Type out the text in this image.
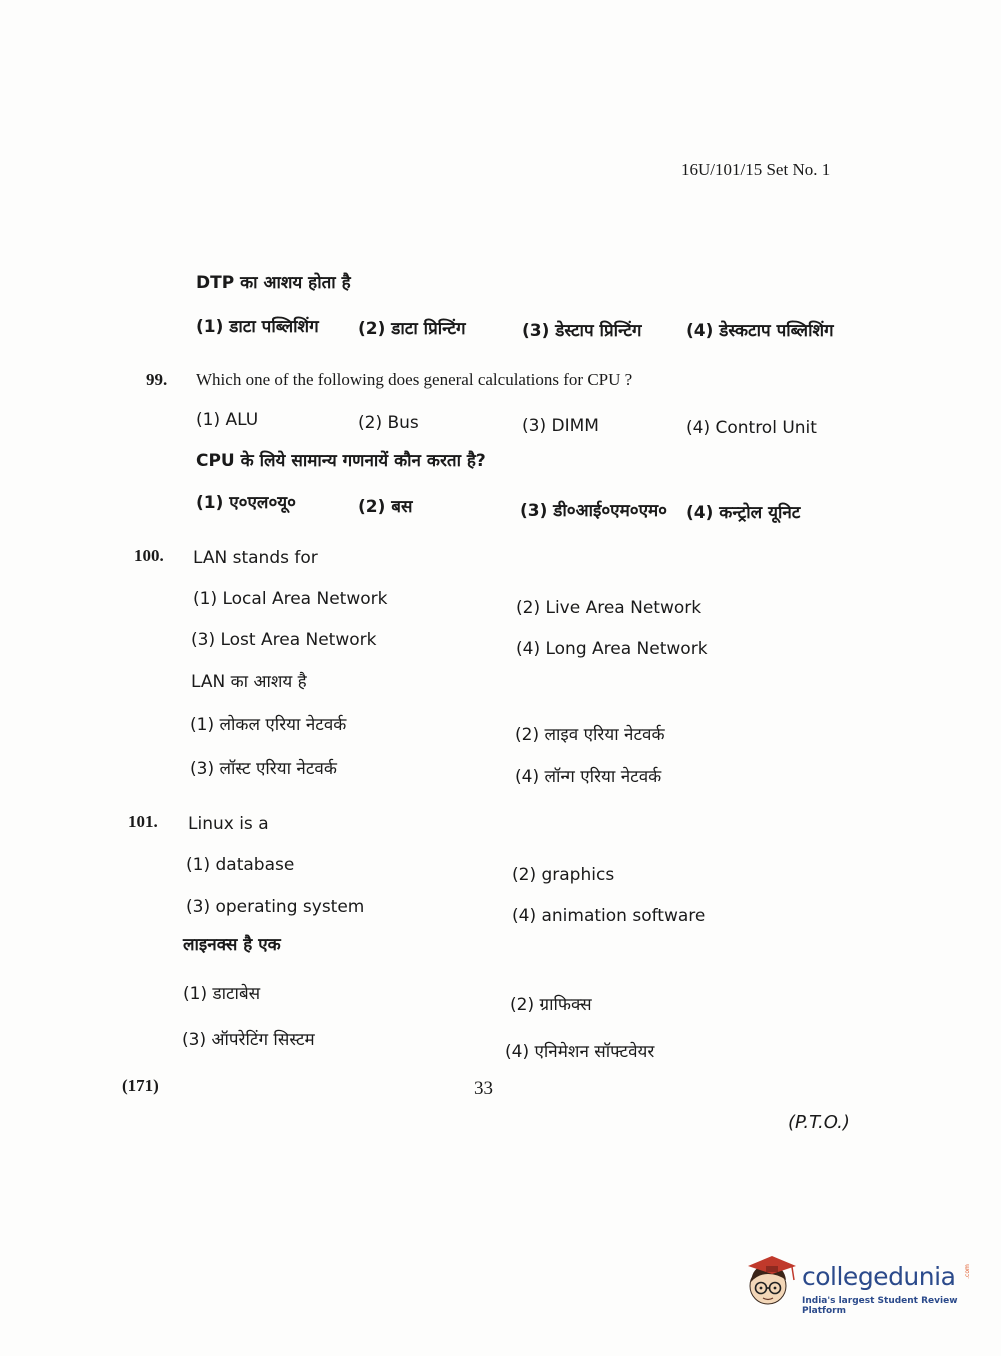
16U/101/15 Set No. 1
DTP का आशय होता है
(1) डाटा पब्लिशिंग (2) डाटा प्रिन्टिंग	(3) डेस्टाप प्रिन्टिंग	(4) डेस्कटाप पब्लिशिंग
99. Which one of the following does general calculations for CPU ?
(1) ALU	(2) Bus	(3) DIMM	(4) Control Unit
CPU के लिये सामान्य गणनायें कौन करता है?
(1) ए०एल०यू०	(2) बस	(3) डी०आई०एम०एम० (4) कन्ट्रोल यूनिट
100. LAN stands for
(1) Local Area Network	(2) Live Area Network
(3) Lost Area Network	(4) Long Area Network
LAN का आशय है
(1) लोकल एरिया नेटवर्क	(2) लाइव एरिया नेटवर्क
(3) लॉस्ट एरिया नेटवर्क	(4) लॉन्ग एरिया नेटवर्क
101. Linux is a
(1) database	(2) graphics
(3) operating system	(4) animation software
लाइनक्स है एक
(1) डाटाबेस
(2) ग्राफिक्स
(3) ऑपरेटिंग सिस्टम
(4) एनिमेशन सॉफ्टवेयर
(171)	33
(P.T.O.)
collegedunia .com
India's largest Student Review Platform
